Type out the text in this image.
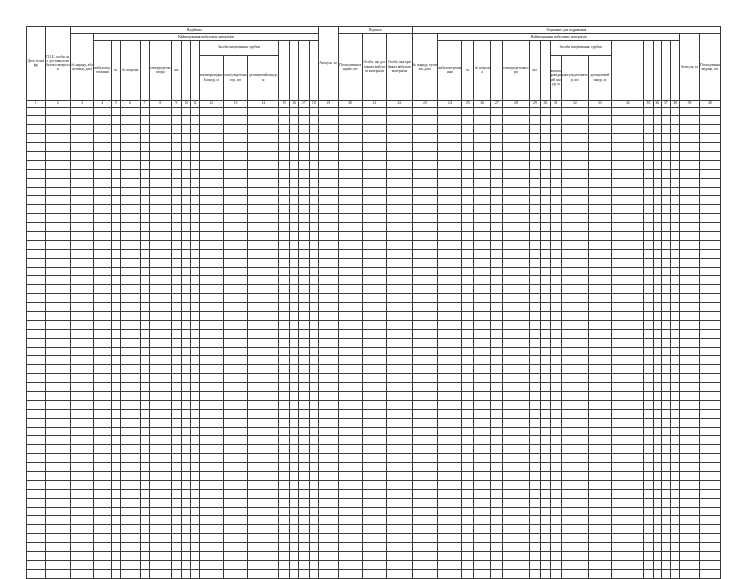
Дата та шифр	П.І.Б. особи, що доставила вибухові матеріали	Надійшло																Атопуль, кг	Підписи			Отримано для підривання																	
		№ наряду, або путівки, дата	Найменування вибухових матеріалів																Посвідчення видане, шт	Особа, що доставила вибухові матеріали	Особа, яка прийняла вибухові матеріали	№ наряду, путівки, дата	Найменування вибухових матеріалів															Атопуль, кг	Посвідчення видане, шт
			вибухові речовини	кг	№ патрона		електродетонатори	шт.			Засоби ініціювання, трубки												вибухові речовини	кг	№ патрона		електродетонатори	шт.		Засоби ініціювання, трубки									
											вогнепровідний шнур, м	капсульдетонатор, шт	детонуючий шнур, м																	вогнепровідний шнур, м	капсульдетонатор, шт	детонуючий шнур, м							
1	2	3	4	5	6	7	8	9	10	11	12	13	14	15	16	17	18	19	20	21	22	23	24	25	26	27	28	29	30	31	32	33	34	35	36	37	38	39	40
